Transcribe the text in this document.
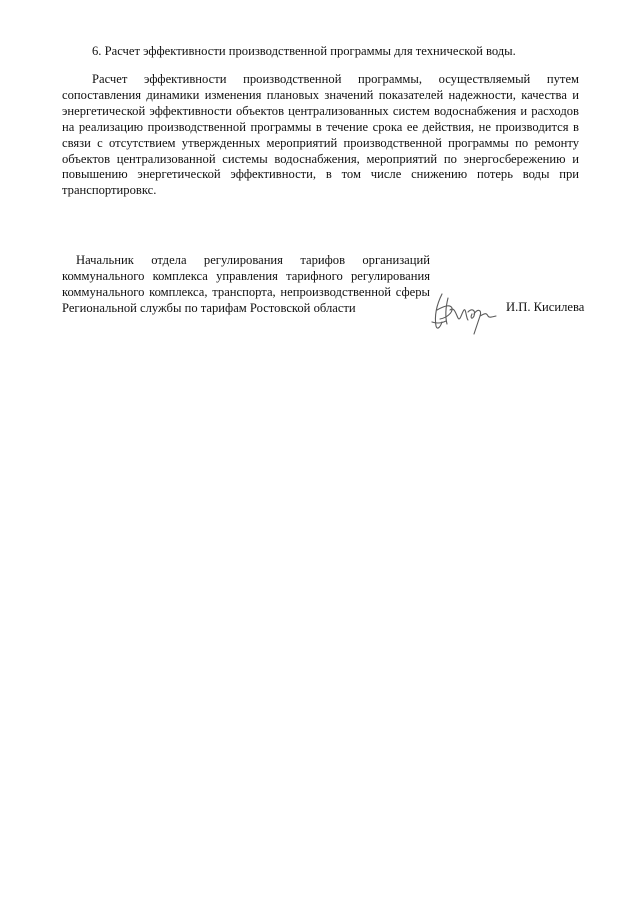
6. Расчет эффективности производственной программы для технической воды.

Расчет эффективности производственной программы, осуществляемый путем сопоставления динамики изменения плановых значений показателей надежности, качества и энергетической эффективности объектов централизованных систем водоснабжения и расходов на реализацию производственной программы в течение срока ее действия, не производится в связи с отсутствием утвержденных мероприятий производственной программы по ремонту объектов централизованной системы водоснабжения, мероприятий по энергосбережению и повышению энергетической эффективности, в том числе снижению потерь воды при транспортировкс.

Начальник отдела регулирования тарифов организаций коммунального комплекса управления тарифного регулирования коммунального комплекса, транспорта, непроизводственной сферы Региональной службы по тарифам Ростовской области	И.П. Кисилева
